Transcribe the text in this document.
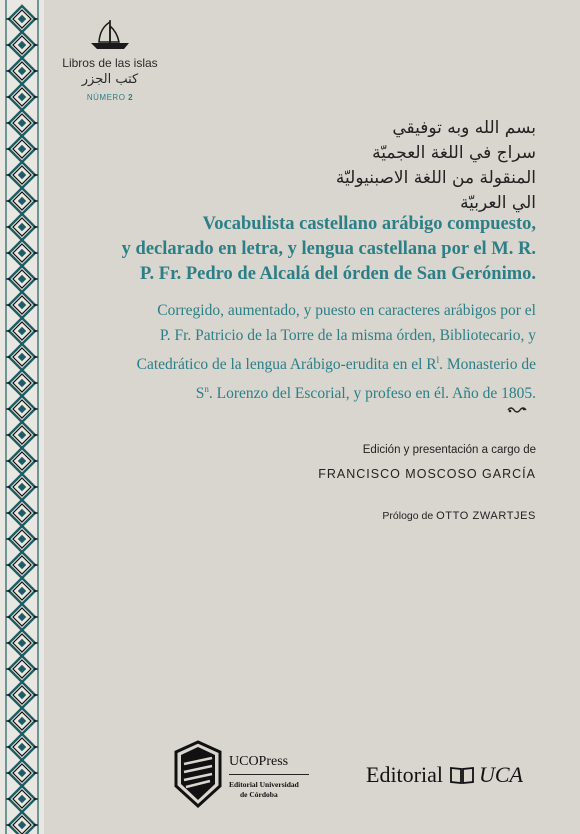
Libros de las islas
كتب الجزر
NÚMERO 2
بسم الله وبه توفيقي
سراج في اللغة العجميّة
المنقولة من اللغة الاصبنيوليّة
الي العربيّة
Vocabulista castellano arábigo compuesto,
y declarado en letra, y lengua castellana por el M. R.
P. Fr. Pedro de Alcalá del órden de San Gerónimo.
Corregido, aumentado, y puesto en caracteres arábigos por el
P. Fr. Patricio de la Torre de la misma órden, Bibliotecario, y
Catedrático de la lengua Arábigo-erudita en el $R^l$. Monasterio de
$S^n$. Lorenzo del Escorial, y profeso en él. Año de 1805.
Edición y presentación a cargo de
FRANCISCO MOSCOSO GARCÍA
Prólogo de OTTO ZWARTJES
UCOPress
Editorial Universidad
de Córdoba
Editorial UCA
